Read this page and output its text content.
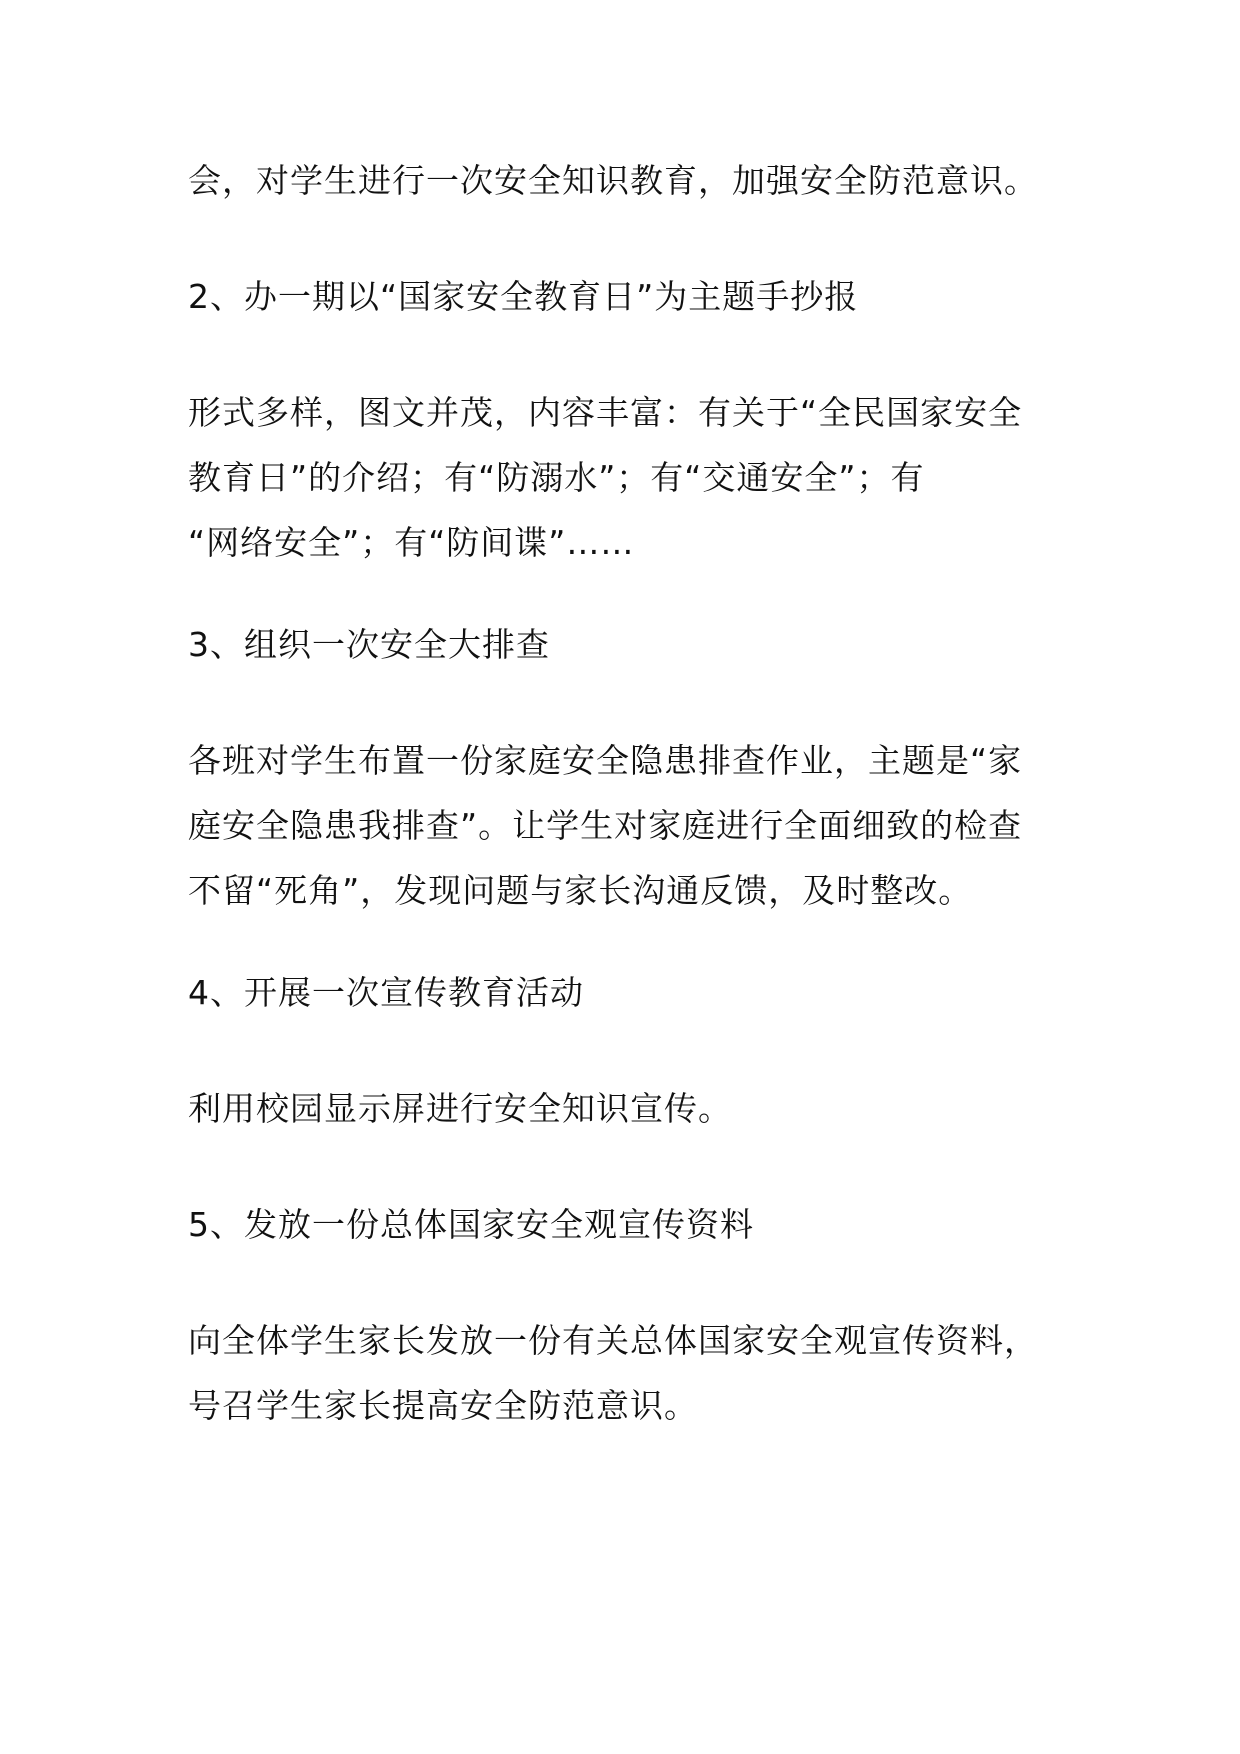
会，对学生进行一次安全知识教育，加强安全防范意识。
2、办一期以“国家安全教育日”为主题手抄报
形式多样，图文并茂，内容丰富：有关于“全民国家安全
教育日”的介绍；有“防溺水”；有“交通安全”；有
“网络安全”；有“防间谍”……
3、组织一次安全大排查
各班对学生布置一份家庭安全隐患排查作业，主题是“家
庭安全隐患我排查”。让学生对家庭进行全面细致的检查
不留“死角”，发现问题与家长沟通反馈，及时整改。
4、开展一次宣传教育活动
利用校园显示屏进行安全知识宣传。
5、发放一份总体国家安全观宣传资料
向全体学生家长发放一份有关总体国家安全观宣传资料，
号召学生家长提高安全防范意识。
